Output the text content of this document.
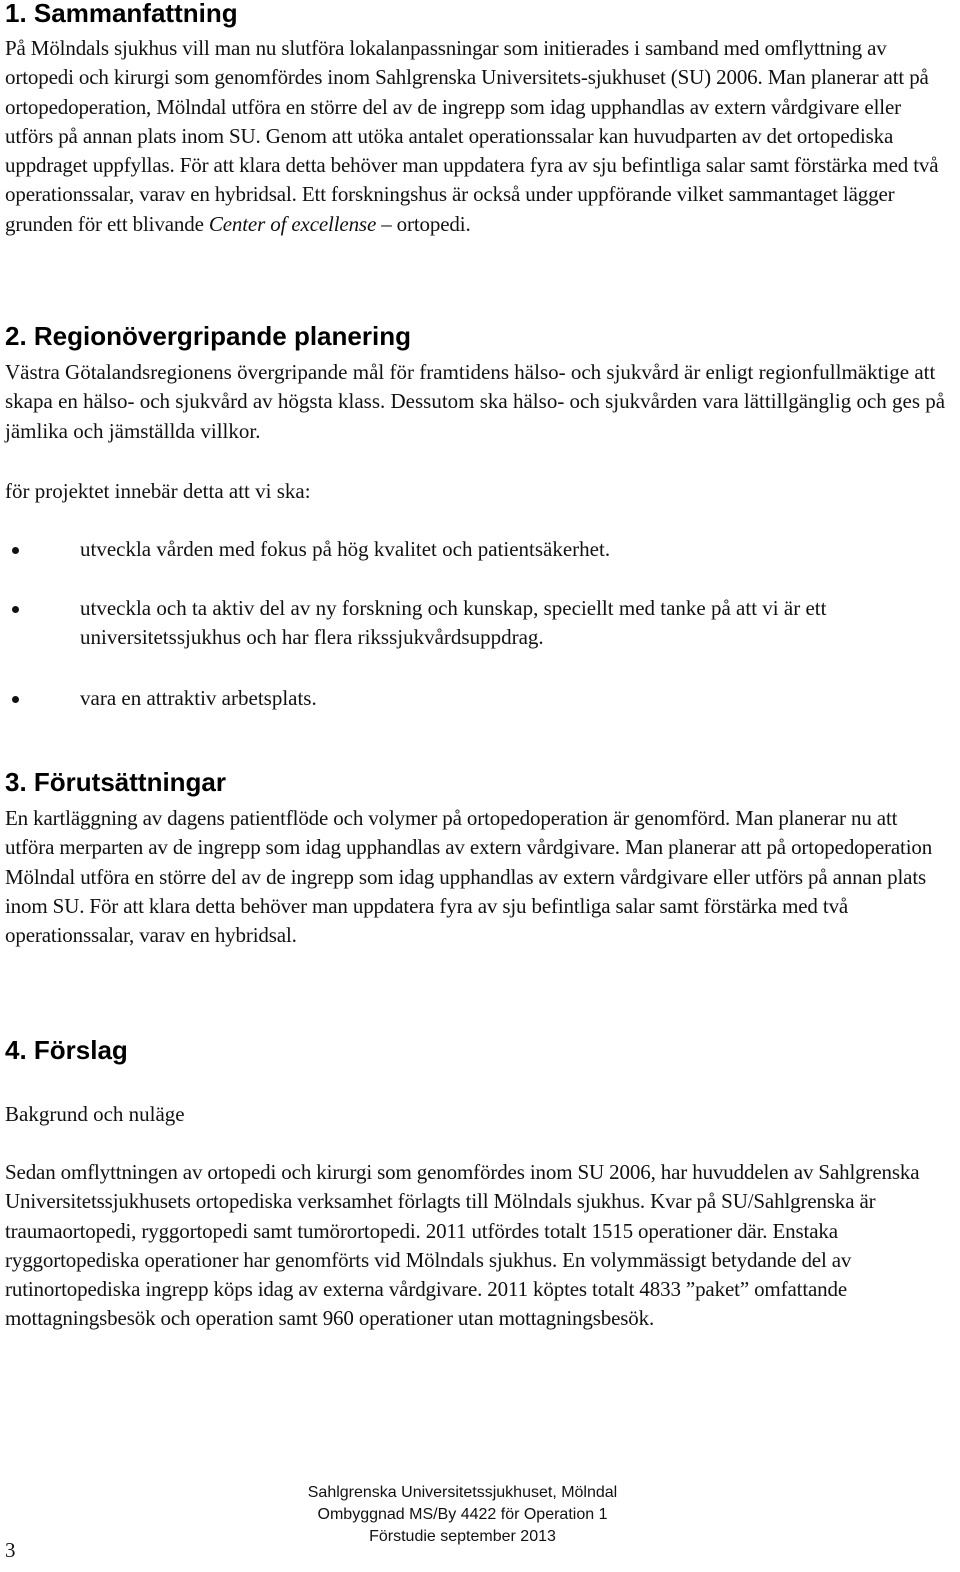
1. Sammanfattning

På Mölndals sjukhus vill man nu slutföra lokalanpassningar som initierades i samband med omflyttning av ortopedi och kirurgi som genomfördes inom Sahlgrenska Universitets-sjukhuset (SU) 2006. Man planerar att på ortopedoperation, Mölndal utföra en större del av de ingrepp som idag upphandlas av extern vårdgivare eller utförs på annan plats inom SU. Genom att utöka antalet operationssalar kan huvudparten av det ortopediska uppdraget uppfyllas. För att klara detta behöver man uppdatera fyra av sju befintliga salar samt förstärka med två operationssalar, varav en hybridsal. Ett forskningshus är också under uppförande vilket sammantaget lägger grunden för ett blivande Center of excellense – ortopedi.

2. Regionövergripande planering

Västra Götalandsregionens övergripande mål för framtidens hälso- och sjukvård är enligt regionfullmäktige att skapa en hälso- och sjukvård av högsta klass. Dessutom ska hälso- och sjukvården vara lättillgänglig och ges på jämlika och jämställda villkor.

för projektet innebär detta att vi ska:

utveckla vården med fokus på hög kvalitet och patientsäkerhet.
utveckla och ta aktiv del av ny forskning och kunskap, speciellt med tanke på att vi är ett universitetssjukhus och har flera rikssjukvårdsuppdrag.
vara en attraktiv arbetsplats.
3. Förutsättningar

En kartläggning av dagens patientflöde och volymer på ortopedoperation är genomförd. Man planerar nu att utföra merparten av de ingrepp som idag upphandlas av extern vårdgivare. Man planerar att på ortopedoperation Mölndal utföra en större del av de ingrepp som idag upphandlas av extern vårdgivare eller utförs på annan plats inom SU. För att klara detta behöver man uppdatera fyra av sju befintliga salar samt förstärka med två operationssalar, varav en hybridsal.

4. Förslag

Bakgrund och nuläge

Sedan omflyttningen av ortopedi och kirurgi som genomfördes inom SU 2006, har huvuddelen av Sahlgrenska Universitetssjukhusets ortopediska verksamhet förlagts till Mölndals sjukhus. Kvar på SU/Sahlgrenska är traumaortopedi, ryggortopedi samt tumörortopedi. 2011 utfördes totalt 1515 operationer där. Enstaka ryggortopediska operationer har genomförts vid Mölndals sjukhus. En volymmässigt betydande del av rutinortopediska ingrepp köps idag av externa vårdgivare. 2011 köptes totalt 4833 ”paket” omfattande mottagningsbesök och operation samt 960 operationer utan mottagningsbesök.

Sahlgrenska Universitetssjukhuset, Mölndal
Ombyggnad MS/By 4422 för Operation 1
Förstudie september 2013
3
